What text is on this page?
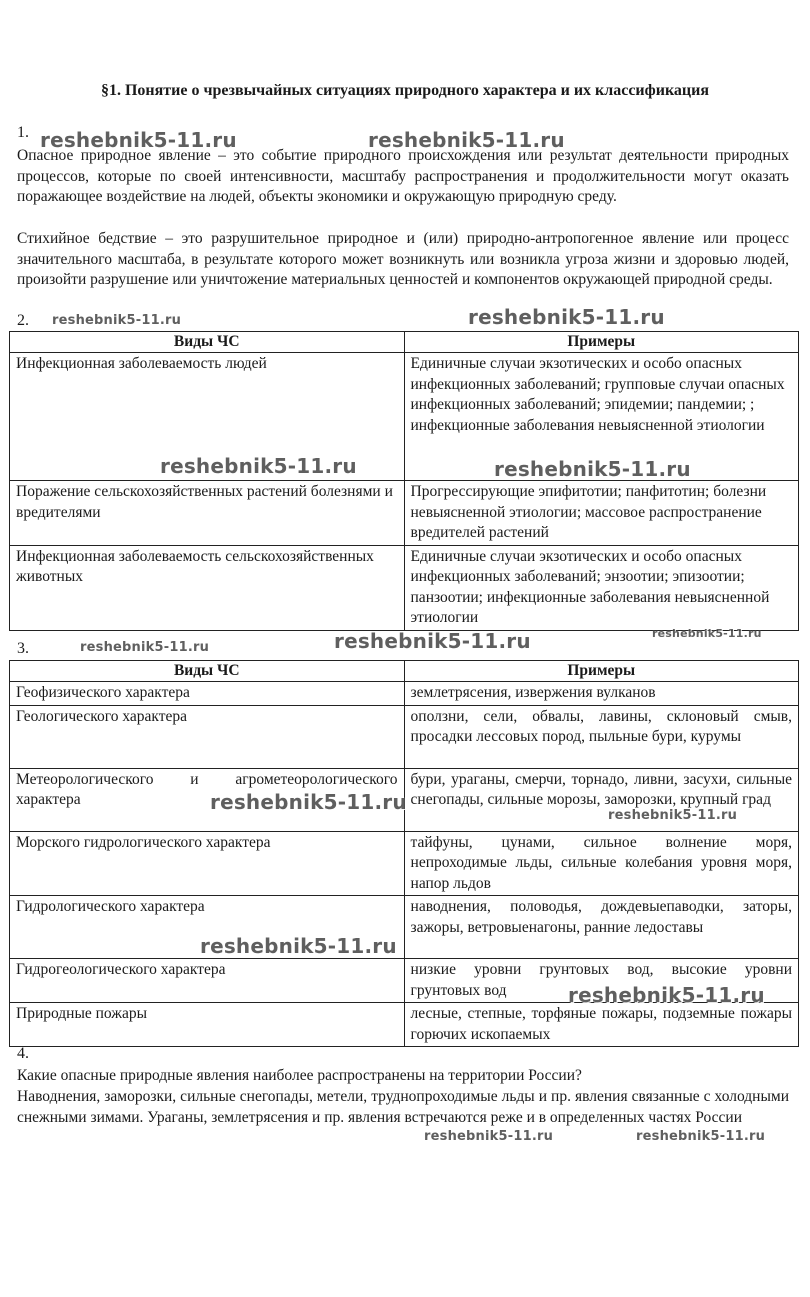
§1. Понятие о чрезвычайных ситуациях природного характера и их классификация
1.

Опасное природное явление – это событие природного происхождения или результат деятельности природных процессов, которые по своей интенсивности, масштабу распространения и продолжительности могут оказать поражающее воздействие на людей, объекты экономики и окружающую природную среду.

Стихийное бедствие – это разрушительное природное и (или) природно-антропогенное явление или процесс значительного масштаба, в результате которого может возникнуть или возникла угроза жизни и здоровью людей, произойти разрушение или уничтожение материальных ценностей и компонентов окружающей природной среды.

2.
Виды ЧС	Примеры
Инфекционная заболеваемость людей	Единичные случаи экзотических и особо опасных инфекционных заболеваний; групповые случаи опасных инфекционных заболеваний; эпидемии; пандемии; ; инфекционные заболевания невыясненной этиологии
Поражение сельскохозяйственных растений болезнями и вредителями	Прогрессирующие эпифитотии; панфитотин; болезни невыясненной этиологии; массовое распространение вредителей растений
Инфекционная заболеваемость сельскохозяйственных животных	Единичные случаи экзотических и особо опасных инфекционных заболеваний; энзоотии; эпизоотии; панзоотии; инфекционные заболевания невыясненной этиологии
3.
Виды ЧС	Примеры
Геофизического характера	землетрясения, извержения вулканов
Геологического характера	оползни, сели, обвалы, лавины, склоновый смыв, просадки лессовых пород, пыльные бури, курумы
Метеорологического и агрометеорологического характера	бури, ураганы, смерчи, торнадо, ливни, засухи, сильные снегопады, сильные морозы, заморозки, крупный град
Морского гидрологического характера	тайфуны, цунами, сильное волнение моря, непроходимые льды, сильные колебания уровня моря, напор льдов
Гидрологического характера	наводнения, половодья, дождевыепаводки, заторы, зажоры, ветровыенагоны, ранние ледоставы
Гидрогеологического характера	низкие уровни грунтовых вод, высокие уровни грунтовых вод
Природные пожары	лесные, степные, торфяные пожары, подземные пожары горючих ископаемых
4.

Какие опасные природные явления наиболее распространены на территории России?

Наводнения, заморозки, сильные снегопады, метели, труднопроходимые льды и пр. явления связанные с холодными снежными зимами. Ураганы, землетрясения и пр. явления встречаются реже и в определенных частях России

reshebnik5-11.ru	reshebnik5-11.ru
reshebnik5-11.ru	reshebnik5-11.ru
reshebnik5-11.ru	reshebnik5-11.ru
reshebnik5-11.ru	reshebnik5-11.ru	reshebnik5-11.ru
reshebnik5-11.ru
reshebnik5-11.ru
reshebnik5-11.ru
reshebnik5-11.ru
reshebnik5-11.ru	reshebnik5-11.ru
